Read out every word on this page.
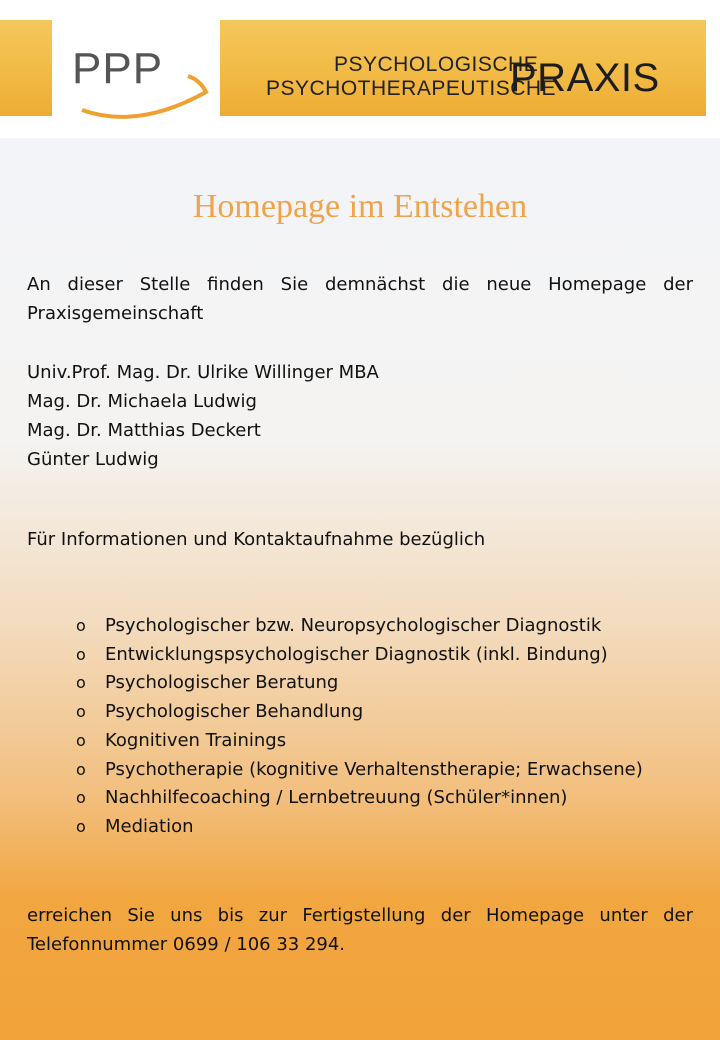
PPP	PSYCHOLOGISCHE
PSYCHOTHERAPEUTISCHE
PRAXIS
Homepage im Entstehen
An dieser Stelle finden Sie demnächst die neue Homepage der Praxisgemeinschaft
Univ.Prof. Mag. Dr. Ulrike Willinger MBA
Mag. Dr. Michaela Ludwig
Mag. Dr. Matthias Deckert
Günter Ludwig
Für Informationen und Kontaktaufnahme bezüglich
o Psychologischer bzw. Neuropsychologischer Diagnostik
o Entwicklungspsychologischer Diagnostik (inkl. Bindung)
o Psychologischer Beratung
o Psychologischer Behandlung
o Kognitiven Trainings
o Psychotherapie (kognitive Verhaltenstherapie; Erwachsene)
o Nachhilfecoaching / Lernbetreuung (Schüler*innen)
o Mediation
erreichen Sie uns bis zur Fertigstellung der Homepage unter der Telefonnummer 0699 / 106 33 294.
